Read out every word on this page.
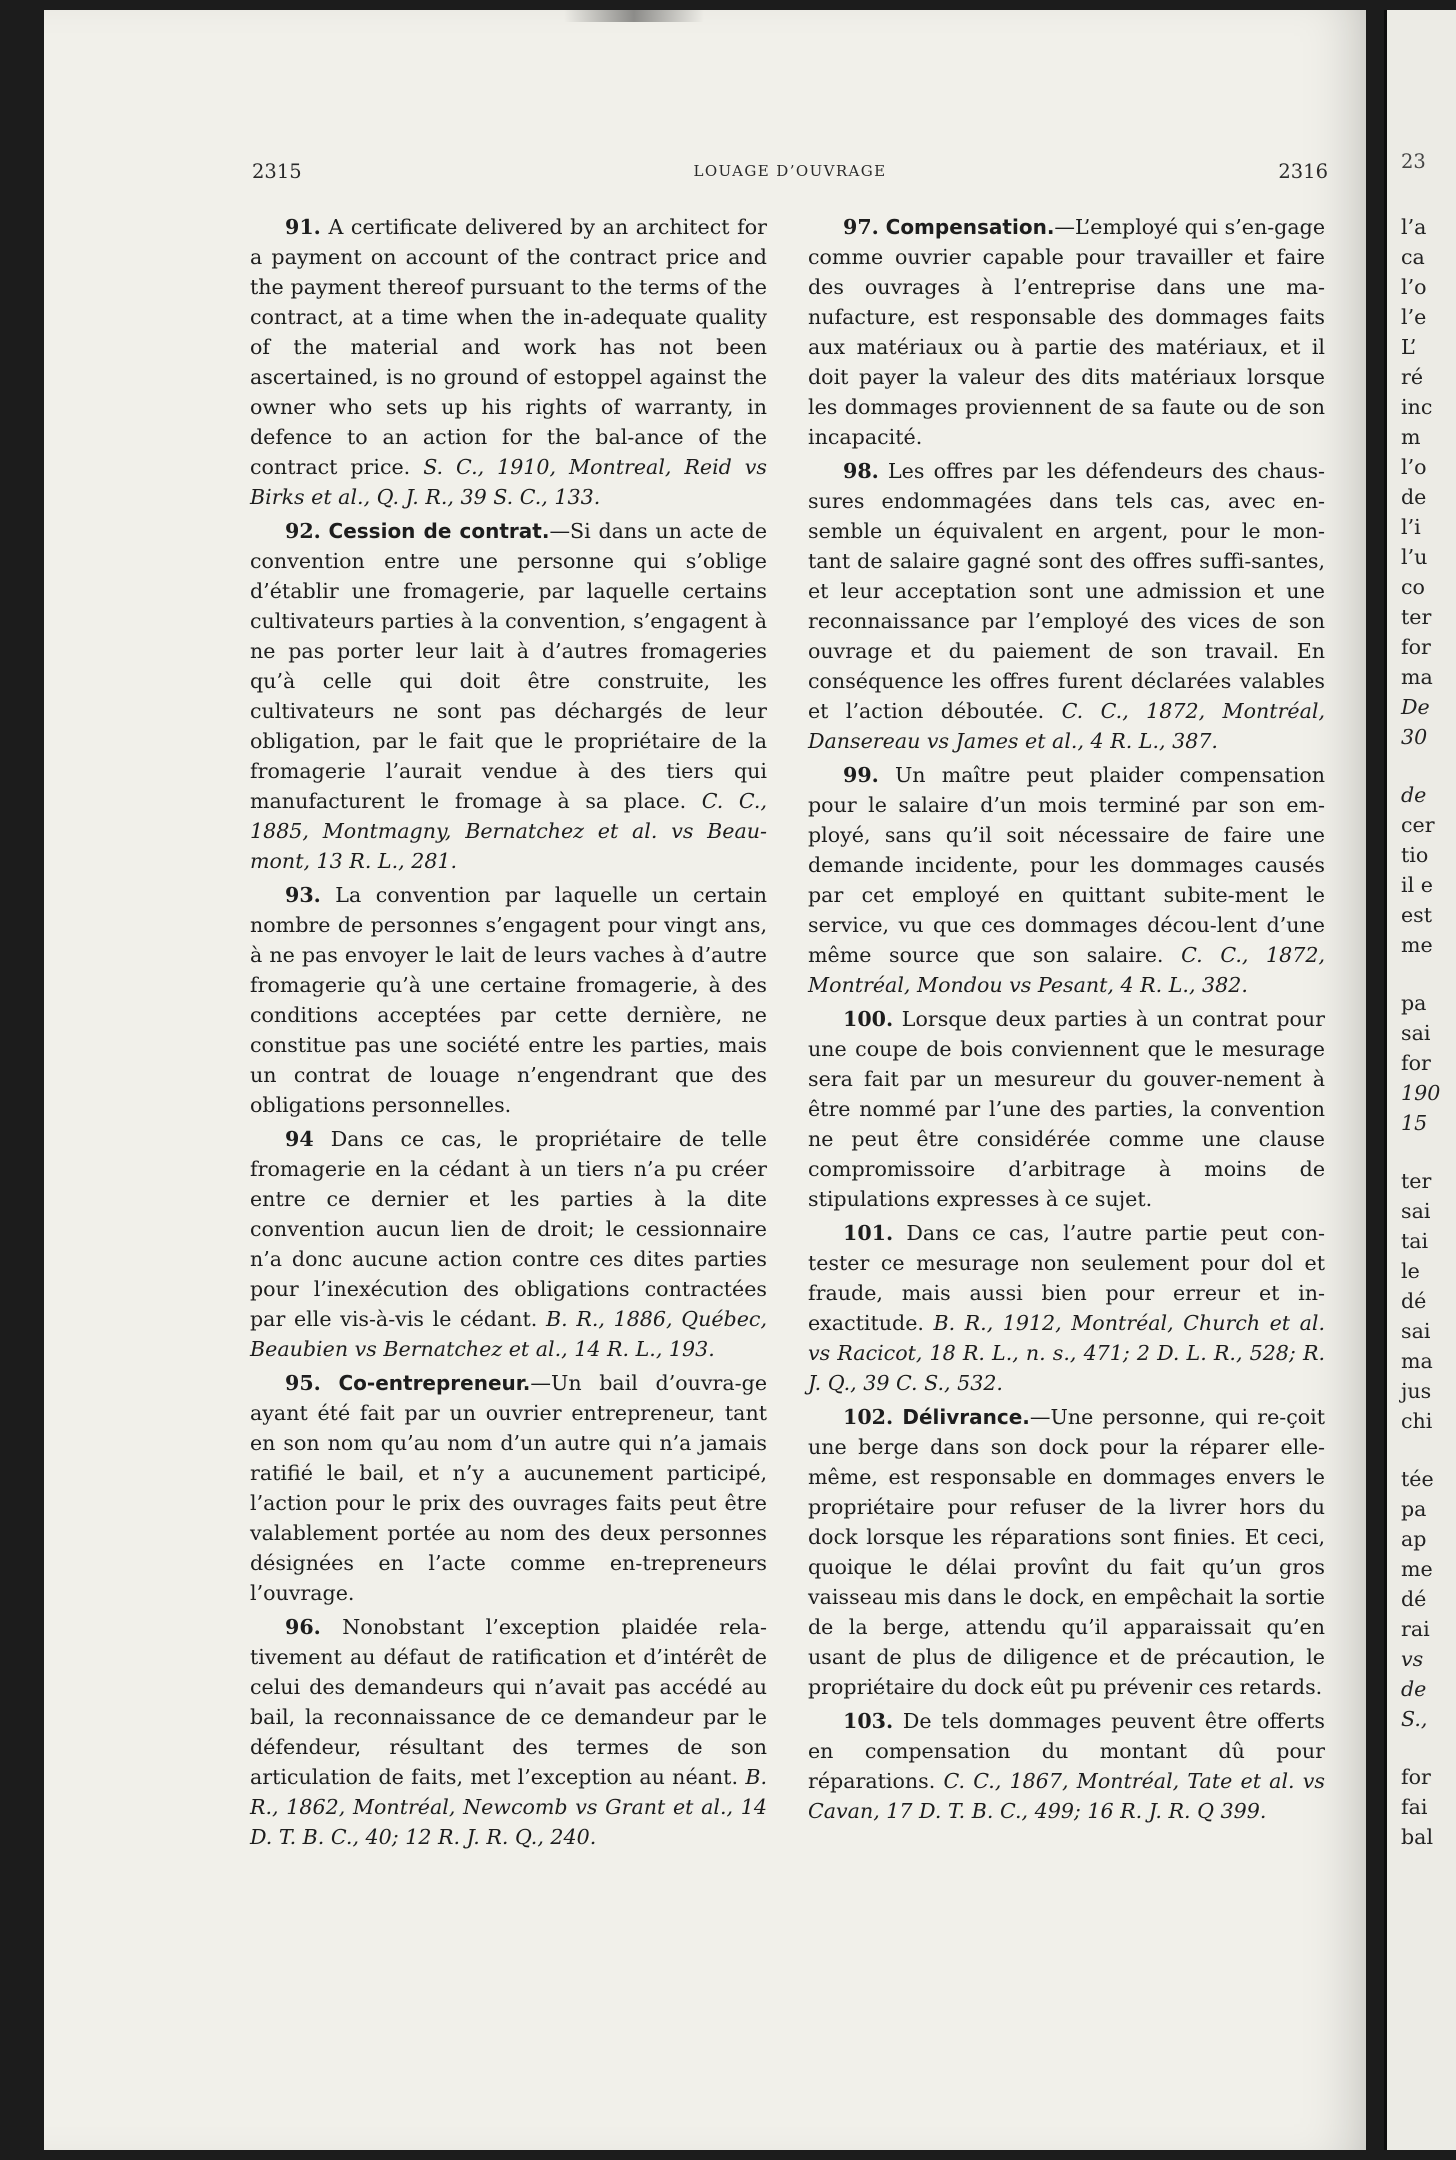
2315	LOUAGE D’OUVRAGE	2316

91. A certificate delivered by an architect for a payment on account of the contract price and the payment thereof pursuant to the terms of the contract, at a time when the in-adequate quality of the material and work has not been ascertained, is no ground of estoppel against the owner who sets up his rights of warranty, in defence to an action for the bal-ance of the contract price. S. C., 1910, Montreal, Reid vs Birks et al., Q. J. R., 39 S. C., 133.

92. Cession de contrat.—Si dans un acte de convention entre une personne qui s’oblige d’établir une fromagerie, par laquelle certains cultivateurs parties à la convention, s’engagent à ne pas porter leur lait à d’autres fromageries qu’à celle qui doit être construite, les cultivateurs ne sont pas déchargés de leur obligation, par le fait que le propriétaire de la fromagerie l’aurait vendue à des tiers qui manufacturent le fromage à sa place. C. C., 1885, Montmagny, Bernatchez et al. vs Beau-mont, 13 R. L., 281.

93. La convention par laquelle un certain nombre de personnes s’engagent pour vingt ans, à ne pas envoyer le lait de leurs vaches à d’autre fromagerie qu’à une certaine fromagerie, à des conditions acceptées par cette dernière, ne constitue pas une société entre les parties, mais un contrat de louage n’engendrant que des obligations personnelles.

94 Dans ce cas, le propriétaire de telle fromagerie en la cédant à un tiers n’a pu créer entre ce dernier et les parties à la dite convention aucun lien de droit; le cessionnaire n’a donc aucune action contre ces dites parties pour l’inexécution des obligations contractées par elle vis-à-vis le cédant. B. R., 1886, Québec, Beaubien vs Bernatchez et al., 14 R. L., 193.

95. Co-entrepreneur.—Un bail d’ouvra-ge ayant été fait par un ouvrier entrepreneur, tant en son nom qu’au nom d’un autre qui n’a jamais ratifié le bail, et n’y a aucunement participé, l’action pour le prix des ouvrages faits peut être valablement portée au nom des deux personnes désignées en l’acte comme en-trepreneurs l’ouvrage.

96. Nonobstant l’exception plaidée rela-tivement au défaut de ratification et d’intérêt de celui des demandeurs qui n’avait pas accédé au bail, la reconnaissance de ce demandeur par le défendeur, résultant des termes de son articulation de faits, met l’exception au néant. B. R., 1862, Montréal, Newcomb vs Grant et al., 14 D. T. B. C., 40; 12 R. J. R. Q., 240.

97. Compensation.—L’employé qui s’en-gage comme ouvrier capable pour travailler et faire des ouvrages à l’entreprise dans une ma-nufacture, est responsable des dommages faits aux matériaux ou à partie des matériaux, et il doit payer la valeur des dits matériaux lorsque les dommages proviennent de sa faute ou de son incapacité.

98. Les offres par les défendeurs des chaus-sures endommagées dans tels cas, avec en-semble un équivalent en argent, pour le mon-tant de salaire gagné sont des offres suffi-santes, et leur acceptation sont une admission et une reconnaissance par l’employé des vices de son ouvrage et du paiement de son travail. En conséquence les offres furent déclarées valables et l’action déboutée. C. C., 1872, Montréal, Dansereau vs James et al., 4 R. L., 387.

99. Un maître peut plaider compensation pour le salaire d’un mois terminé par son em-ployé, sans qu’il soit nécessaire de faire une demande incidente, pour les dommages causés par cet employé en quittant subite-ment le service, vu que ces dommages décou-lent d’une même source que son salaire. C. C., 1872, Montréal, Mondou vs Pesant, 4 R. L., 382.

100. Lorsque deux parties à un contrat pour une coupe de bois conviennent que le mesurage sera fait par un mesureur du gouver-nement à être nommé par l’une des parties, la convention ne peut être considérée comme une clause compromissoire d’arbitrage à moins de stipulations expresses à ce sujet.

101. Dans ce cas, l’autre partie peut con-tester ce mesurage non seulement pour dol et fraude, mais aussi bien pour erreur et in-exactitude. B. R., 1912, Montréal, Church et al. vs Racicot, 18 R. L., n. s., 471; 2 D. L. R., 528; R. J. Q., 39 C. S., 532.

102. Délivrance.—Une personne, qui re-çoit une berge dans son dock pour la réparer elle-même, est responsable en dommages envers le propriétaire pour refuser de la livrer hors du dock lorsque les réparations sont finies. Et ceci, quoique le délai provînt du fait qu’un gros vaisseau mis dans le dock, en empêchait la sortie de la berge, attendu qu’il apparaissait qu’en usant de plus de diligence et de précaution, le propriétaire du dock eût pu prévenir ces retards.

103. De tels dommages peuvent être offerts en compensation du montant dû pour réparations. C. C., 1867, Montréal, Tate et al. vs Cavan, 17 D. T. B. C., 499; 16 R. J. R. Q 399.

23
l’a
ca
l’o
l’e
L’
ré
inc
m
l’o
de
l’i
l’u
co
ter
for
ma
De
30
de
cer
tio
il e
est
me
pa
sai
for
190
15
ter
sai
tai
le
dé
sai
ma
jus
chi
tée
pa
ap
me
dé
rai
vs
de
S.,
for
fai
bal
